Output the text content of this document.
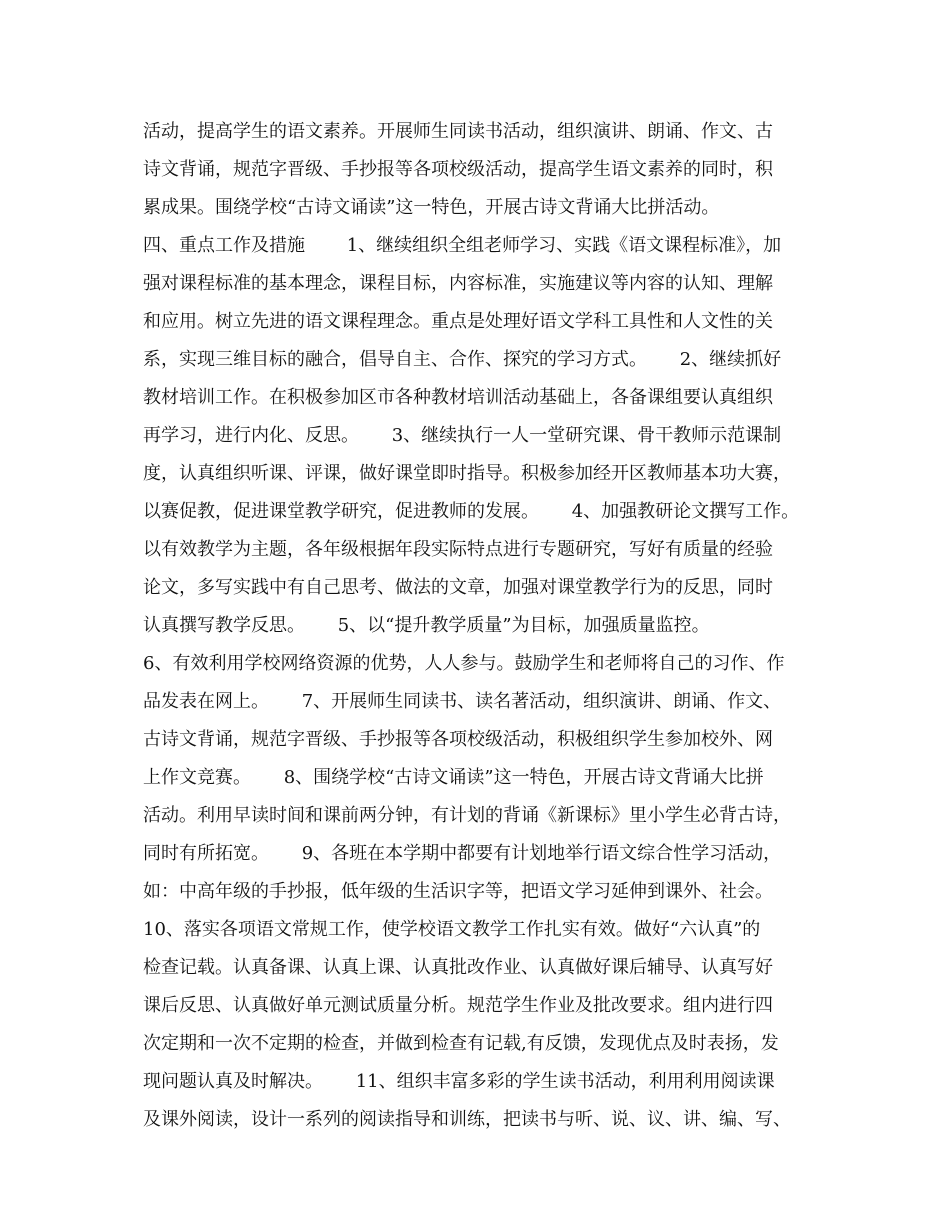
活动，提高学生的语文素养。开展师生同读书活动，组织演讲、朗诵、作文、古
诗文背诵，规范字晋级、手抄报等各项校级活动，提高学生语文素养的同时，积
累成果。围绕学校“古诗文诵读”这一特色，开展古诗文背诵大比拼活动。
四、重点工作及措施　　 1、继续组织全组老师学习、实践《语文课程标准》，加
强对课程标准的基本理念，课程目标，内容标准，实施建议等内容的认知、理解
和应用。树立先进的语文课程理念。重点是处理好语文学科工具性和人文性的关
系，实现三维目标的融合，倡导自主、合作、探究的学习方式。　　 2、继续抓好
教材培训工作。在积极参加区市各种教材培训活动基础上，各备课组要认真组织
再学习，进行内化、反思。　　 3、继续执行一人一堂研究课、骨干教师示范课制
度，认真组织听课、评课，做好课堂即时指导。积极参加经开区教师基本功大赛，
以赛促教，促进课堂教学研究，促进教师的发展。　　 4、加强教研论文撰写工作。
以有效教学为主题，各年级根据年段实际特点进行专题研究，写好有质量的经验
论文，多写实践中有自己思考、做法的文章，加强对课堂教学行为的反思，同时
认真撰写教学反思。　　 5、以“提升教学质量”为目标，加强质量监控。
6、有效利用学校网络资源的优势，人人参与。鼓励学生和老师将自己的习作、作
品发表在网上。　　 7、开展师生同读书、读名著活动，组织演讲、朗诵、作文、
古诗文背诵，规范字晋级、手抄报等各项校级活动，积极组织学生参加校外、网
上作文竞赛。　　 8、围绕学校“古诗文诵读”这一特色，开展古诗文背诵大比拼
活动。利用早读时间和课前两分钟，有计划的背诵《新课标》里小学生必背古诗，
同时有所拓宽。　　 9、各班在本学期中都要有计划地举行语文综合性学习活动，
如：中高年级的手抄报，低年级的生活识字等，把语文学习延伸到课外、社会。
10、落实各项语文常规工作，使学校语文教学工作扎实有效。做好“六认真”的
检查记载。认真备课、认真上课、认真批改作业、认真做好课后辅导、认真写好
课后反思、认真做好单元测试质量分析。规范学生作业及批改要求。组内进行四
次定期和一次不定期的检查，并做到检查有记载,有反馈，发现优点及时表扬，发
现问题认真及时解决。　　 11、组织丰富多彩的学生读书活动，利用利用阅读课
及课外阅读，设计一系列的阅读指导和训练，把读书与听、说、议、讲、编、写、
